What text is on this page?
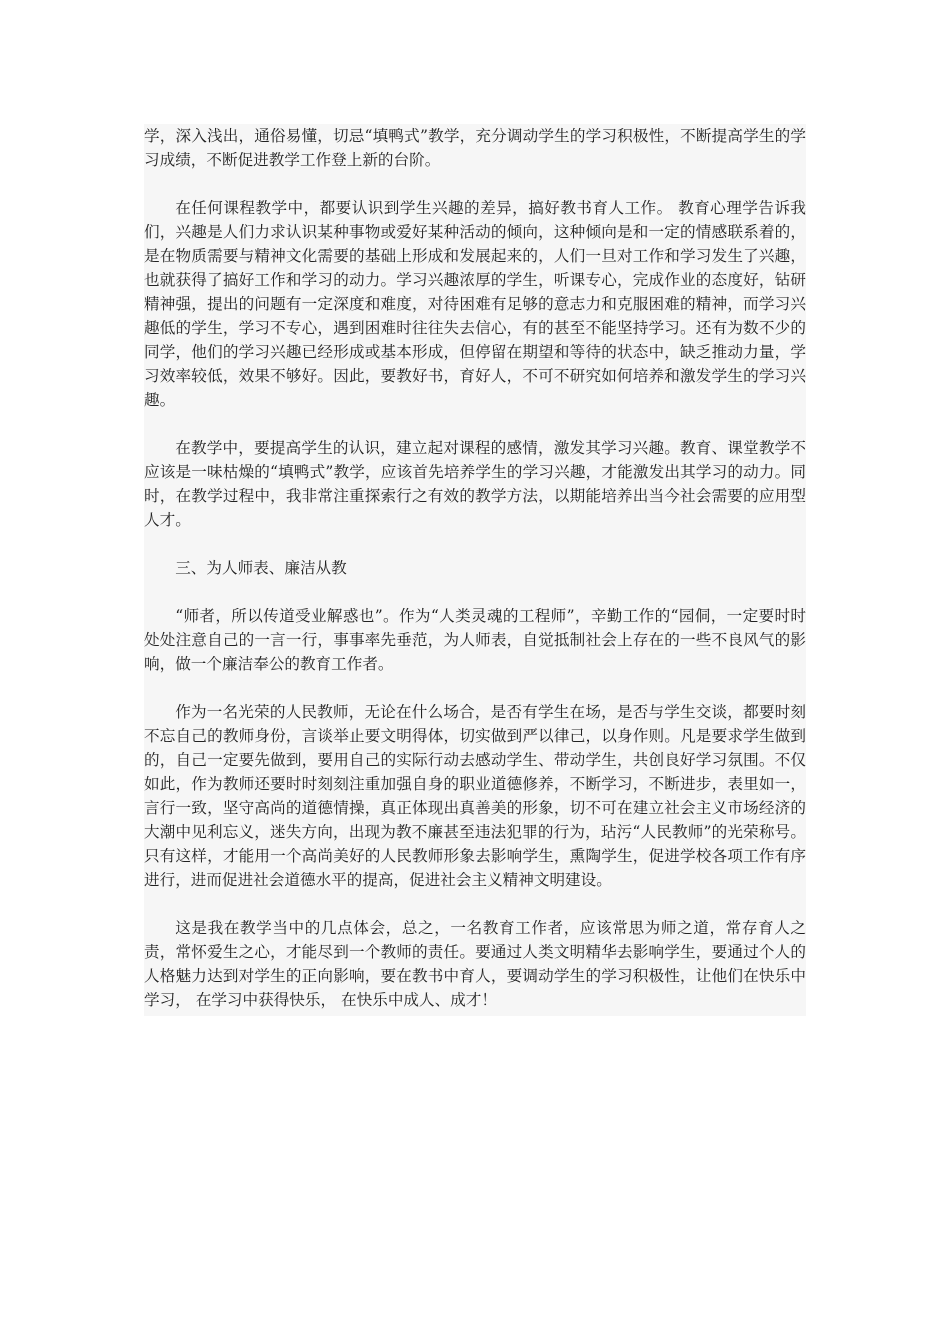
学，深入浅出，通俗易懂，切忌“填鸭式”教学，充分调动学生的学习积极性，不断提高学生的学习成绩，不断促进教学工作登上新的台阶。

在任何课程教学中，都要认识到学生兴趣的差异，搞好教书育人工作。 教育心理学告诉我们，兴趣是人们力求认识某种事物或爱好某种活动的倾向，这种倾向是和一定的情感联系着的，是在物质需要与精神文化需要的基础上形成和发展起来的，人们一旦对工作和学习发生了兴趣，也就获得了搞好工作和学习的动力。学习兴趣浓厚的学生，听课专心，完成作业的态度好，钻研精神强，提出的问题有一定深度和难度，对待困难有足够的意志力和克服困难的精神，而学习兴趣低的学生，学习不专心，遇到困难时往往失去信心，有的甚至不能坚持学习。还有为数不少的同学，他们的学习兴趣已经形成或基本形成，但停留在期望和等待的状态中，缺乏推动力量，学习效率较低，效果不够好。因此，要教好书，育好人，不可不研究如何培养和激发学生的学习兴趣。

在教学中，要提高学生的认识，建立起对课程的感情，激发其学习兴趣。教育、课堂教学不应该是一味枯燥的“填鸭式”教学，应该首先培养学生的学习兴趣，才能激发出其学习的动力。同时，在教学过程中，我非常注重探索行之有效的教学方法，以期能培养出当今社会需要的应用型人才。

三、为人师表、廉洁从教

“师者，所以传道受业解惑也”。作为“人类灵魂的工程师”，辛勤工作的“园侗，一定要时时处处注意自己的一言一行，事事率先垂范，为人师表，自觉抵制社会上存在的一些不良风气的影响，做一个廉洁奉公的教育工作者。

作为一名光荣的人民教师，无论在什么场合，是否有学生在场，是否与学生交谈，都要时刻不忘自己的教师身份，言谈举止要文明得体，切实做到严以律己，以身作则。凡是要求学生做到的，自己一定要先做到，要用自己的实际行动去感动学生、带动学生，共创良好学习氛围。不仅如此，作为教师还要时时刻刻注重加强自身的职业道德修养，不断学习，不断进步，表里如一，言行一致，坚守高尚的道德情操，真正体现出真善美的形象，切不可在建立社会主义市场经济的大潮中见利忘义，迷失方向，出现为教不廉甚至违法犯罪的行为，玷污“人民教师”的光荣称号。只有这样，才能用一个高尚美好的人民教师形象去影响学生，熏陶学生，促进学校各项工作有序进行，进而促进社会道德水平的提高，促进社会主义精神文明建设。

这是我在教学当中的几点体会，总之，一名教育工作者，应该常思为师之道，常存育人之责，常怀爱生之心，才能尽到一个教师的责任。要通过人类文明精华去影响学生，要通过个人的人格魅力达到对学生的正向影响，要在教书中育人，要调动学生的学习积极性，让他们在快乐中学习， 在学习中获得快乐， 在快乐中成人、成才！
